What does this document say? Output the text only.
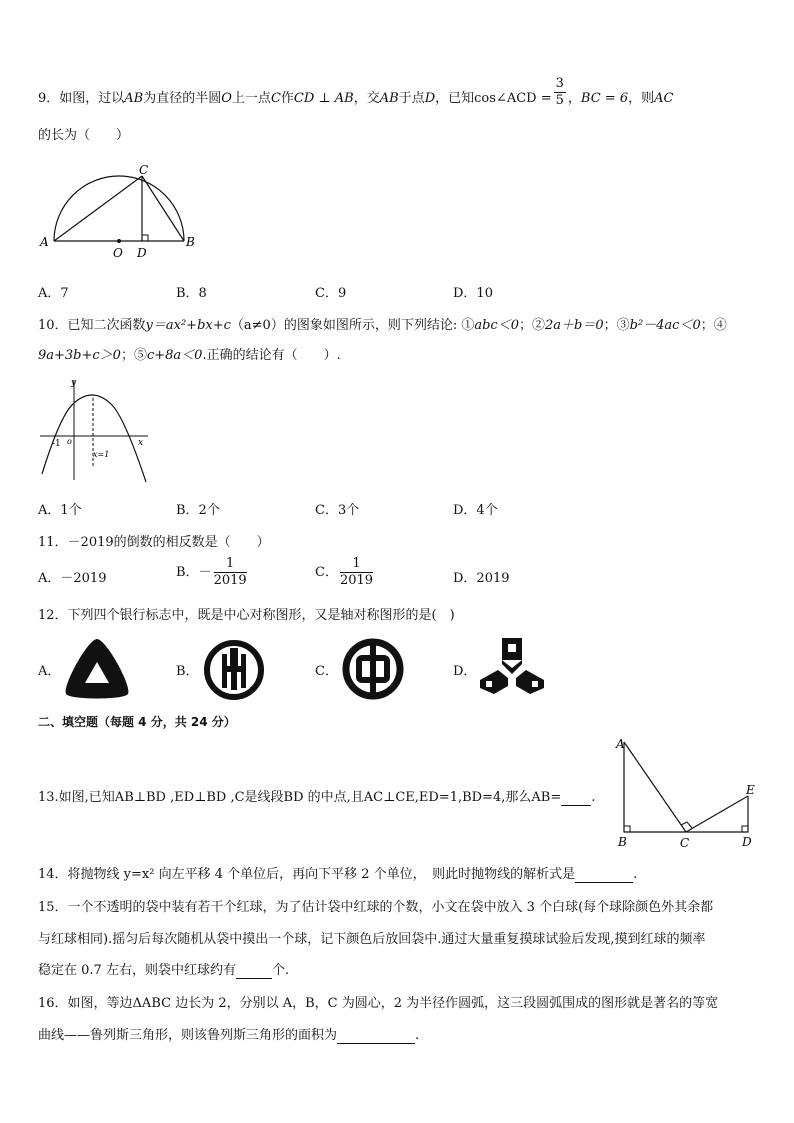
9．如图，过以AB为直径的半圆O上一点C作CD ⊥ AB，交AB于点D，已知cos∠ACD = $\frac{3}{5}$ ，BC = 6，则AC
的长为（　　）
A	B
C
O D
A．7	B．8	C．9	D．10
10．已知二次函数y＝ax²+bx+c（a≠0）的图象如图所示，则下列结论: ①abc＜0；②2a＋b＝0；③b²－4ac＜0；④
9a+3b+c＞0；⑤c+8a＜0.正确的结论有（　　）.
y
x
-1 o
x=1
A．1个	B．2个	C．3个	D．4个
11．－2019的倒数的相反数是（　　）
A．－2019	B．－ $\frac{1}{2019}$	C． $\frac{1}{2019}$	D．2019
12．下列四个银行标志中，既是中心对称图形，又是轴对称图形的是(　)
A．	B．	C．	D．
二、填空题（每题 4 分，共 24 分）
13.如图,已知AB⊥BD ,ED⊥BD ,C是线段BD 的中点,且AC⊥CE,ED=1,BD=4,那么AB= .
A
B	C	D
E
14．将抛物线 y=x² 向左平移 4 个单位后，再向下平移 2 个单位，　则此时抛物线的解析式是	.
15．一个不透明的袋中装有若干个红球，为了估计袋中红球的个数，小文在袋中放入 3 个白球(每个球除颜色外其余都
与红球相同).摇匀后每次随机从袋中摸出一个球，记下颜色后放回袋中.通过大量重复摸球试验后发现,摸到红球的频率
稳定在 0.7 左右，则袋中红球约有	个.
16．如图，等边ΔABC 边长为 2，分别以 A，B，C 为圆心，2 为半径作圆弧，这三段圆弧围成的图形就是著名的等宽
曲线——鲁列斯三角形，则该鲁列斯三角形的面积为	.
